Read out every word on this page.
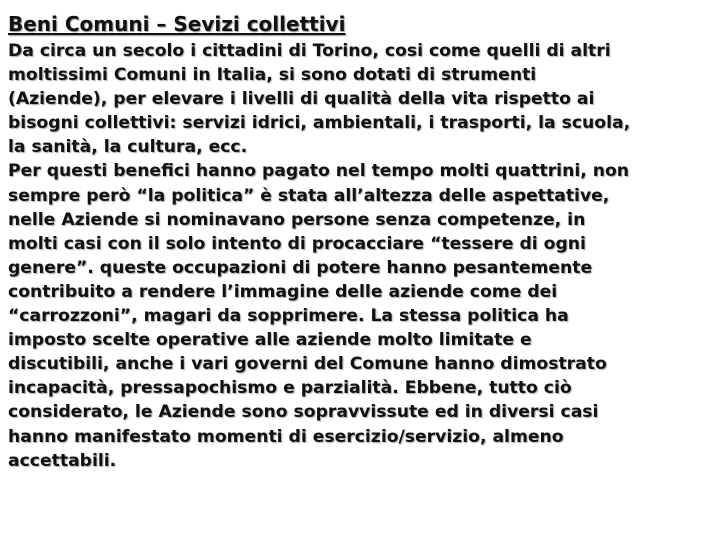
Beni Comuni – Sevizi collettivi
Da circa un secolo i cittadini di Torino, cosi come quelli di altri
moltissimi Comuni in Italia, si sono dotati di strumenti
(Aziende), per elevare i livelli di qualità della vita rispetto ai
bisogni collettivi: servizi idrici, ambientali, i trasporti, la scuola,
la sanità, la cultura, ecc.
Per questi benefici hanno pagato nel tempo molti quattrini, non
sempre però “la politica” è stata all’altezza delle aspettative,
nelle Aziende si nominavano persone senza competenze, in
molti casi con il solo intento di procacciare “tessere di ogni
genere”. queste occupazioni di potere hanno pesantemente
contribuito a rendere l’immagine delle aziende come dei
“carrozzoni”, magari da sopprimere. La stessa politica ha
imposto scelte operative alle aziende molto limitate e
discutibili, anche i vari governi del Comune hanno dimostrato
incapacità, pressapochismo e parzialità. Ebbene, tutto ciò
considerato, le Aziende sono sopravvissute ed in diversi casi
hanno manifestato momenti di esercizio/servizio, almeno
accettabili.
